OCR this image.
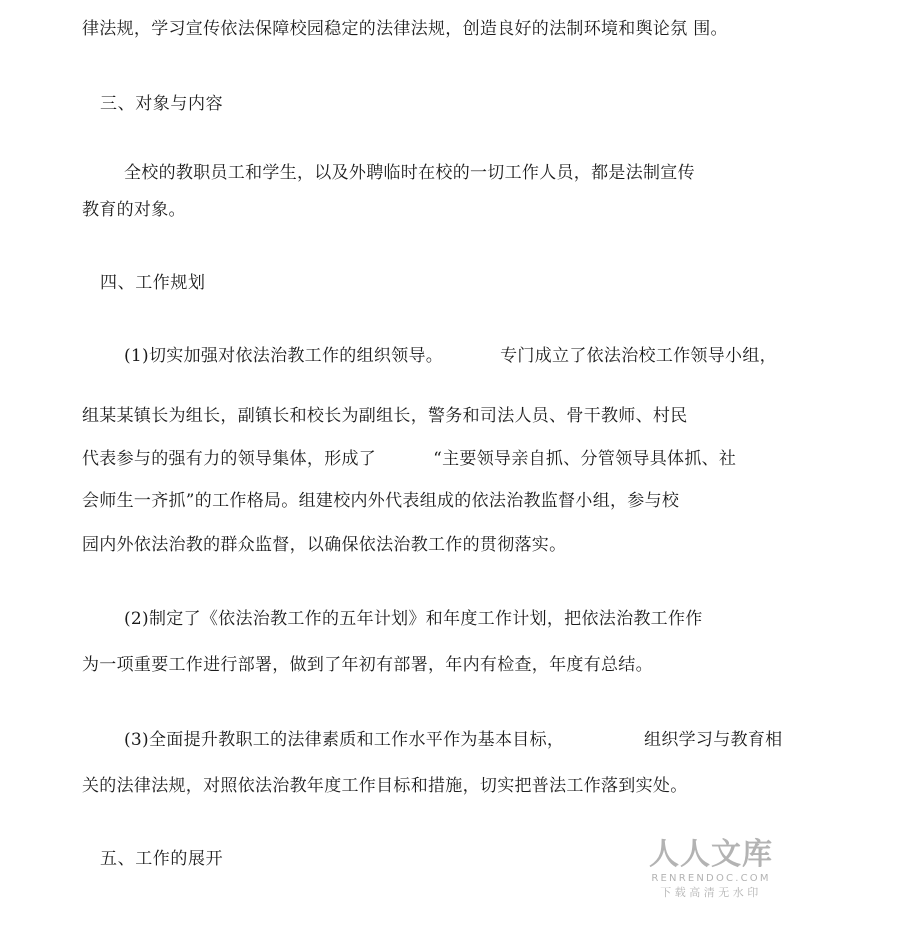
律法规，学习宣传依法保障校园稳定的法律法规，创造良好的法制环境和舆论氛 围。
三、对象与内容
全校的教职员工和学生，以及外聘临时在校的一切工作人员，都是法制宣传
教育的对象。
四、工作规划
(1)切实加强对依法治教工作的组织领导。          专门成立了依法治校工作领导小组，
组某某镇长为组长，副镇长和校长为副组长，警务和司法人员、骨干教师、村民
代表参与的强有力的领导集体，形成了          “主要领导亲自抓、分管领导具体抓、社
会师生一齐抓”的工作格局。组建校内外代表组成的依法治教监督小组，参与校
园内外依法治教的群众监督，以确保依法治教工作的贯彻落实。
(2)制定了《依法治教工作的五年计划》和年度工作计划，把依法治教工作作
为一项重要工作进行部署，做到了年初有部署，年内有检查，年度有总结。
(3)全面提升教职工的法律素质和工作水平作为基本目标，              组织学习与教育相
关的法律法规，对照依法治教年度工作目标和措施，切实把普法工作落到实处。
五、工作的展开	人人文库
RENRENDOC.COM
下载高清无水印
